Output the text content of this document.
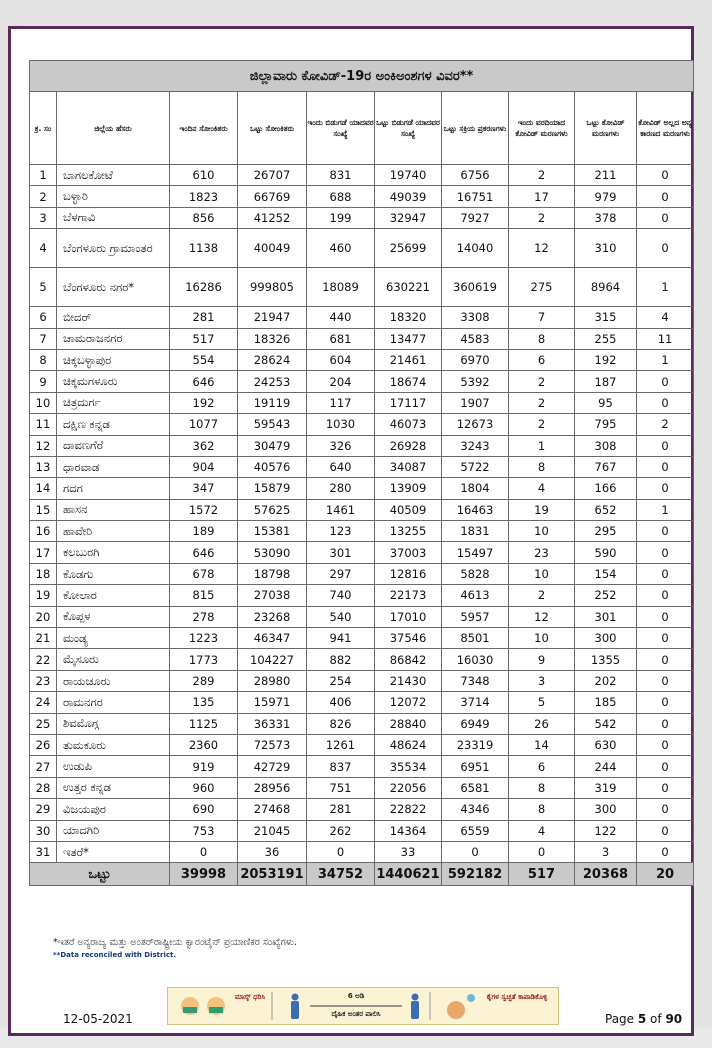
ಜಿಲ್ಲಾವಾರು ಕೋವಿಡ್-19ರ ಅಂಕಿಅಂಶಗಳ ವಿವರ**									
ಕ್ರ. ಸಂ	ಜಿಲ್ಲೆಯ ಹೆಸರು	ಇಂದಿನ ಸೋಂಕಿತರು	ಒಟ್ಟು ಸೋಂಕಿತರು	ಇಂದು ಬಿಡುಗಡೆ ಯಾದವರ ಸಂಖ್ಯೆ	ಒಟ್ಟು ಬಿಡುಗಡೆ ಯಾದವರ ಸಂಖ್ಯೆ	ಒಟ್ಟು ಸಕ್ರಿಯ ಪ್ರಕರಣಗಳು	ಇಂದು ವರದಿಯಾದ ಕೋವಿಡ್ ಮರಣಗಳು	ಒಟ್ಟು ಕೋವಿಡ್ ಮರಣಗಳು	ಕೋವಿಡ್ ಅಲ್ಲದ ಅನ್ಯ ಕಾರಣದ ಮರಣಗಳು
1	ಬಾಗಲಕೋಟೆ	610	26707	831	19740	6756	2	211	0
2	ಬಳ್ಳಾರಿ	1823	66769	688	49039	16751	17	979	0
3	ಬೆಳಗಾವಿ	856	41252	199	32947	7927	2	378	0
4	ಬೆಂಗಳೂರು ಗ್ರಾಮಾಂತರ	1138	40049	460	25699	14040	12	310	0
5	ಬೆಂಗಳೂರು ನಗರ*	16286	999805	18089	630221	360619	275	8964	1
6	ಬೀದರ್	281	21947	440	18320	3308	7	315	4
7	ಚಾಮರಾಜನಗರ	517	18326	681	13477	4583	8	255	11
8	ಚಿಕ್ಕಬಳ್ಳಾಪುರ	554	28624	604	21461	6970	6	192	1
9	ಚಿಕ್ಕಮಗಳೂರು	646	24253	204	18674	5392	2	187	0
10	ಚಿತ್ರದುರ್ಗ	192	19119	117	17117	1907	2	95	0
11	ದಕ್ಷಿಣ ಕನ್ನಡ	1077	59543	1030	46073	12673	2	795	2
12	ದಾವಣಗೆರೆ	362	30479	326	26928	3243	1	308	0
13	ಧಾರವಾಡ	904	40576	640	34087	5722	8	767	0
14	ಗದಗ	347	15879	280	13909	1804	4	166	0
15	ಹಾಸನ	1572	57625	1461	40509	16463	19	652	1
16	ಹಾವೇರಿ	189	15381	123	13255	1831	10	295	0
17	ಕಲಬುರಗಿ	646	53090	301	37003	15497	23	590	0
18	ಕೊಡಗು	678	18798	297	12816	5828	10	154	0
19	ಕೋಲಾರ	815	27038	740	22173	4613	2	252	0
20	ಕೊಪ್ಪಳ	278	23268	540	17010	5957	12	301	0
21	ಮಂಡ್ಯ	1223	46347	941	37546	8501	10	300	0
22	ಮೈಸೂರು	1773	104227	882	86842	16030	9	1355	0
23	ರಾಯಚೂರು	289	28980	254	21430	7348	3	202	0
24	ರಾಮನಗರ	135	15971	406	12072	3714	5	185	0
25	ಶಿವಮೊಗ್ಗ	1125	36331	826	28840	6949	26	542	0
26	ತುಮಕೂರು	2360	72573	1261	48624	23319	14	630	0
27	ಉಡುಪಿ	919	42729	837	35534	6951	6	244	0
28	ಉತ್ತರ ಕನ್ನಡ	960	28956	751	22056	6581	8	319	0
29	ವಿಜಯಪುರ	690	27468	281	22822	4346	8	300	0
30	ಯಾದಗಿರಿ	753	21045	262	14364	6559	4	122	0
31	ಇತರೆ*	0	36	0	33	0	0	3	0
ಒಟ್ಟು		39998	2053191	34752	1440621	592182	517	20368	20
*ಇತರೆ ಅನ್ಯರಾಜ್ಯ ಮತ್ತು ಅಂತರ್‌ರಾಷ್ಟ್ರೀಯ ಕ್ವಾರಂಟೈನ್ ಪ್ರಯಾಣಿಕರ ಸಂಖ್ಯೆಗಳು.
**Data reconciled with District.
12-05-2021
ಮಾಸ್ಕ್ ಧರಿಸಿ	6 ಅಡಿ
ದೈಹಿಕ ಅಂತರ ಪಾಲಿಸಿ
ಕೈಗಳ ಸ್ವಚ್ಛತೆ ಕಾಪಾಡಿಕೊಳ್ಳಿ
Page 5 of 90
